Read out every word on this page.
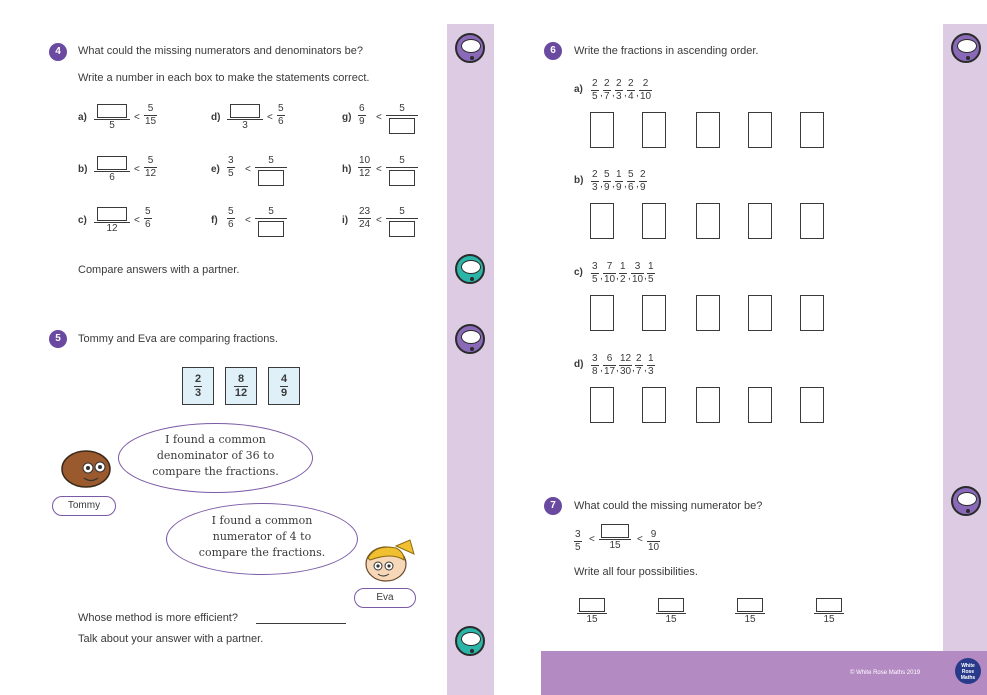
4	What could the missing numerators and denominators be?
Write a number in each box to make the statements correct.
a)
5
< $\frac{5}{15}$
b)
6
< $\frac{5}{12}$
c)
12
< $\frac{5}{6}$
d)
3
< $\frac{5}{6}$
$e) \frac{3}{5}$ <
5
$f) \frac{5}{6}$ <
5
$g) \frac{6}{9}$ <
5
$h) \frac{10}{12}$ <
5
$i) \frac{23}{24}$ <
5
Compare answers with a partner.
5	Tommy and Eva are comparing fractions.
$\frac{2}{3} \frac{8}{12} \frac{4}{9}$
I found a common
denominator of 36 to
compare the fractions.
Tommy
I found a common
numerator of 4 to
compare the fractions.
Eva
Whose method is more efficient?
Talk about your answer with a partner.
© White Rose Maths 2019
White
Rose
Maths
6	Write the fractions in ascending order.
$a) \frac{2}{5}$ , $\frac{2}{7}$ , $\frac{2}{3}$ , $\frac{2}{4}$ , $\frac{2}{10}$
$b) \frac{2}{3}$ , $\frac{5}{9}$ , $\frac{1}{9}$ , $\frac{5}{6}$ , $\frac{2}{9}$
$c) \frac{3}{5}$ , $\frac{7}{10}$ , $\frac{1}{2}$ , $\frac{3}{10}$ , $\frac{1}{5}$
$d) \frac{3}{8}$ , $\frac{6}{17}$ , $\frac{12}{30}$ , $\frac{2}{7}$ , $\frac{1}{3}$
7	What could the missing numerator be?
$\frac{3}{5}$ <
15
< $\frac{9}{10}$
Write all four possibilities.
15	15	15	15
